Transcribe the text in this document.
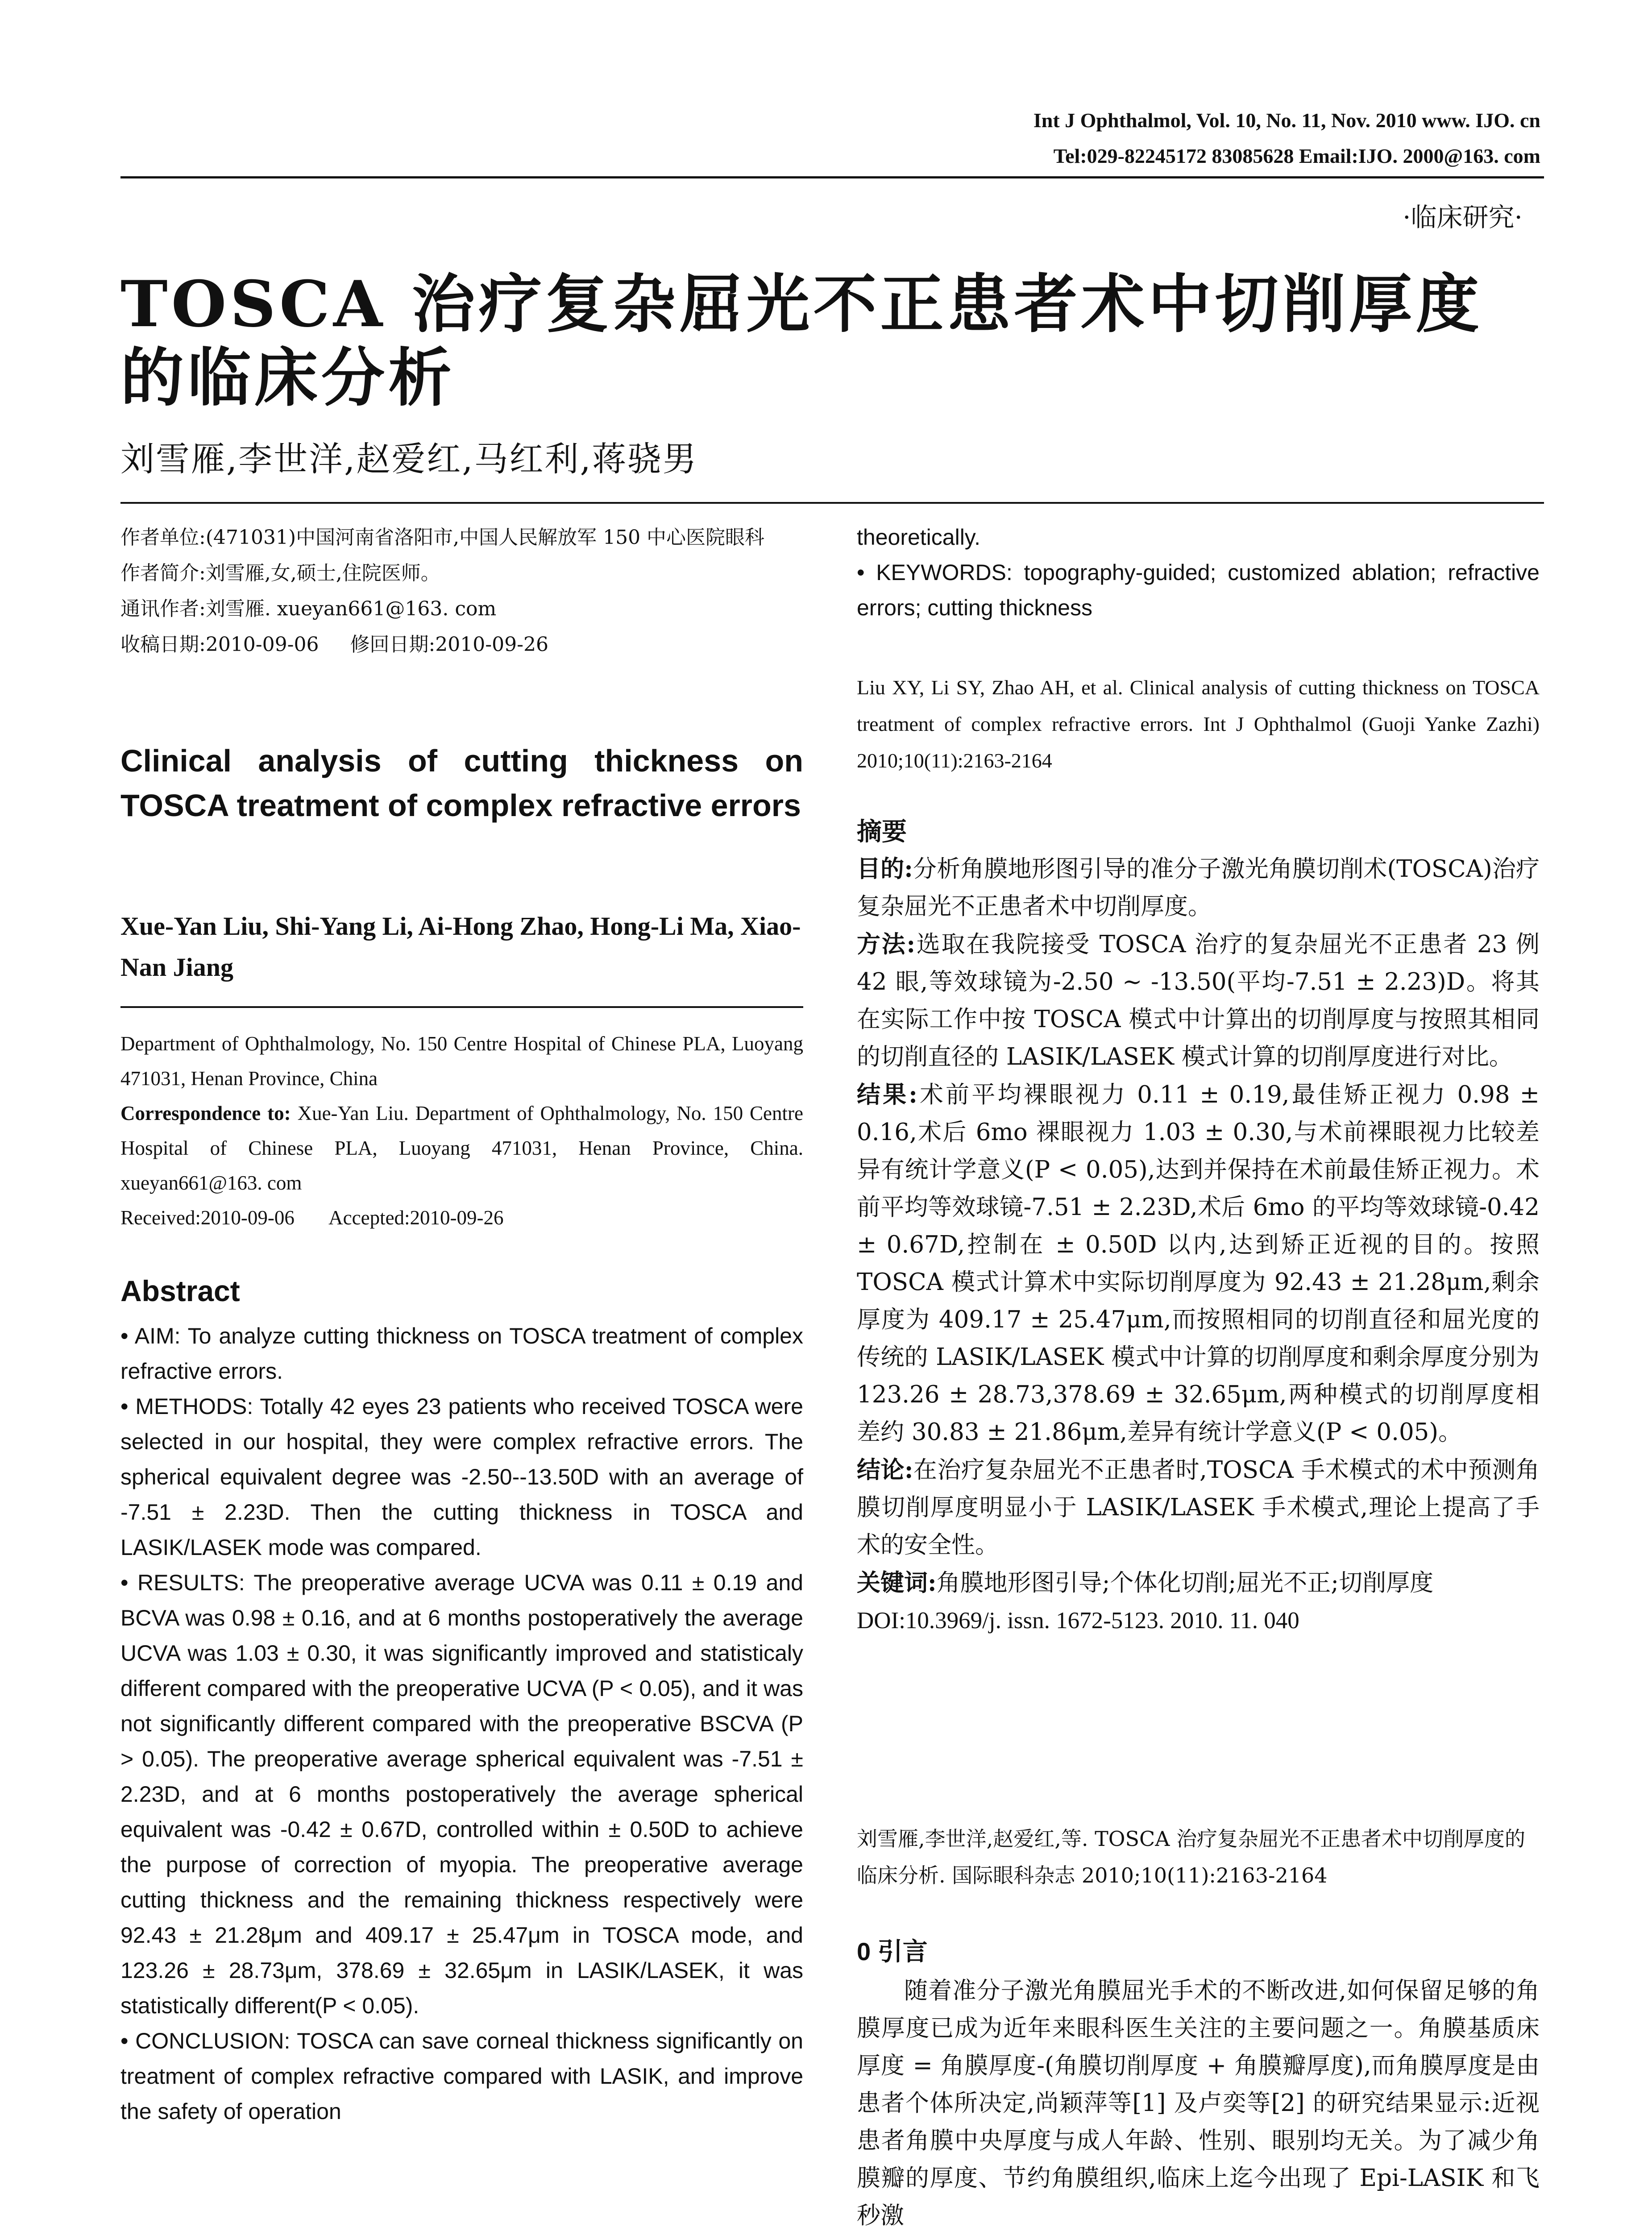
Int J Ophthalmol, Vol. 10, No. 11, Nov. 2010 www. IJO. cn
Tel:029-82245172 83085628 Email:IJO. 2000@163. com
·临床研究·
TOSCA 治疗复杂屈光不正患者术中切削厚度的临床分析
刘雪雁,李世洋,赵爱红,马红利,蒋骁男
作者单位:(471031)中国河南省洛阳市,中国人民解放军 150 中心医院眼科
作者简介:刘雪雁,女,硕士,住院医师。
通讯作者:刘雪雁. xueyan661@163. com
收稿日期:2010-09-06     修回日期:2010-09-26
Clinical analysis of cutting thickness on TOSCA treatment of complex refractive errors
Xue-Yan Liu, Shi-Yang Li, Ai-Hong Zhao, Hong-Li Ma, Xiao-Nan Jiang
Department of Ophthalmology, No. 150 Centre Hospital of Chinese PLA, Luoyang 471031, Henan Province, China
Correspondence to: Xue-Yan Liu. Department of Ophthalmology, No. 150 Centre Hospital of Chinese PLA, Luoyang 471031, Henan Province, China. xueyan661@163. com
Received:2010-09-06       Accepted:2010-09-26
Abstract

• AIM: To analyze cutting thickness on TOSCA treatment of complex refractive errors.

• METHODS: Totally 42 eyes 23 patients who received TOSCA were selected in our hospital, they were complex refractive errors. The spherical equivalent degree was -2.50--13.50D with an average of -7.51 ± 2.23D. Then the cutting thickness in TOSCA and LASIK/LASEK mode was compared.

• RESULTS: The preoperative average UCVA was 0.11 ± 0.19 and BCVA was 0.98 ± 0.16, and at 6 months postoperatively the average UCVA was 1.03 ± 0.30, it was significantly improved and statisticaly different compared with the preoperative UCVA (P < 0.05), and it was not significantly different compared with the preoperative BSCVA (P > 0.05). The preoperative average spherical equivalent was -7.51 ± 2.23D, and at 6 months postoperatively the average spherical equivalent was -0.42 ± 0.67D, controlled within ± 0.50D to achieve the purpose of correction of myopia. The preoperative average cutting thickness and the remaining thickness respectively were 92.43 ± 21.28μm and 409.17 ± 25.47μm in TOSCA mode, and 123.26 ± 28.73μm, 378.69 ± 32.65μm in LASIK/LASEK, it was statistically different(P < 0.05).

• CONCLUSION: TOSCA can save corneal thickness significantly on treatment of complex refractive compared with LASIK, and improve the safety of operation

theoretically.

• KEYWORDS: topography-guided; customized ablation; refractive errors; cutting thickness

Liu XY, Li SY, Zhao AH, et al. Clinical analysis of cutting thickness on TOSCA treatment of complex refractive errors. Int J Ophthalmol (Guoji Yanke Zazhi) 2010;10(11):2163-2164
摘要

目的:分析角膜地形图引导的准分子激光角膜切削术(TOSCA)治疗复杂屈光不正患者术中切削厚度。

方法:选取在我院接受 TOSCA 治疗的复杂屈光不正患者 23 例 42 眼,等效球镜为-2.50 ~ -13.50(平均-7.51 ± 2.23)D。将其在实际工作中按 TOSCA 模式中计算出的切削厚度与按照其相同的切削直径的 LASIK/LASEK 模式计算的切削厚度进行对比。

结果:术前平均裸眼视力 0.11 ± 0.19,最佳矫正视力 0.98 ± 0.16,术后 6mo 裸眼视力 1.03 ± 0.30,与术前裸眼视力比较差异有统计学意义(P < 0.05),达到并保持在术前最佳矫正视力。术前平均等效球镜-7.51 ± 2.23D,术后 6mo 的平均等效球镜-0.42 ± 0.67D,控制在 ± 0.50D 以内,达到矫正近视的目的。按照 TOSCA 模式计算术中实际切削厚度为 92.43 ± 21.28μm,剩余厚度为 409.17 ± 25.47μm,而按照相同的切削直径和屈光度的传统的 LASIK/LASEK 模式中计算的切削厚度和剩余厚度分别为 123.26 ± 28.73,378.69 ± 32.65μm,两种模式的切削厚度相差约 30.83 ± 21.86μm,差异有统计学意义(P < 0.05)。

结论:在治疗复杂屈光不正患者时,TOSCA 手术模式的术中预测角膜切削厚度明显小于 LASIK/LASEK 手术模式,理论上提高了手术的安全性。

关键词:角膜地形图引导;个体化切削;屈光不正;切削厚度

DOI:10.3969/j. issn. 1672-5123. 2010. 11. 040

刘雪雁,李世洋,赵爱红,等. TOSCA 治疗复杂屈光不正患者术中切削厚度的临床分析. 国际眼科杂志 2010;10(11):2163-2164
0 引言

随着准分子激光角膜屈光手术的不断改进,如何保留足够的角膜厚度已成为近年来眼科医生关注的主要问题之一。角膜基质床厚度 = 角膜厚度-(角膜切削厚度 + 角膜瓣厚度),而角膜厚度是由患者个体所决定,尚颖萍等[1] 及卢奕等[2] 的研究结果显示:近视患者角膜中央厚度与成人年龄、性别、眼别均无关。为了减少角膜瓣的厚度、节约角膜组织,临床上迄今出现了 Epi-LASIK 和飞秒激
